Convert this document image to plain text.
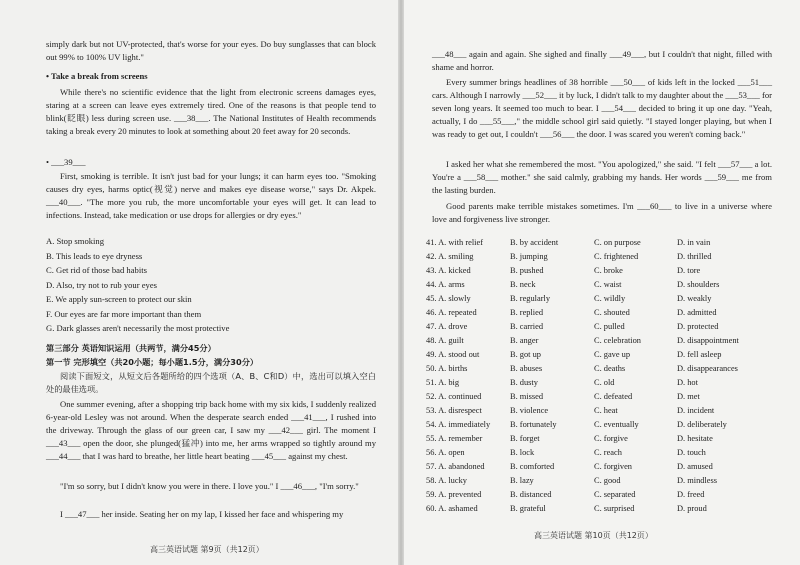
simply dark but not UV-protected, that's worse for your eyes. Do buy sunglasses that can block out 99% to 100% UV light."
• Take a break from screens
While there's no scientific evidence that the light from electronic screens damages eyes, staring at a screen can leave eyes extremely tired. One of the reasons is that people tend to blink(眨眼) less during screen use. ___38___. The National Institutes of Health recommends taking a break every 20 minutes to look at something about 20 feet away for 20 seconds.
• ___39___
First, smoking is terrible. It isn't just bad for your lungs; it can harm eyes too. "Smoking causes dry eyes, harms optic(视觉) nerve and makes eye disease worse," says Dr. Akpek. ___40___. "The more you rub, the more uncomfortable your eyes will get. It can lead to infections. Instead, take medication or use drops for allergies or dry eyes."
A. Stop smoking
B. This leads to eye dryness
C. Get rid of those bad habits
D. Also, try not to rub your eyes
E. We apply sun-screen to protect our skin
F. Our eyes are far more important than them
G. Dark glasses aren't necessarily the most protective
第三部分 英语知识运用（共两节，满分45分）
第一节 完形填空（共20小题；每小题1.5分，满分30分）
阅读下面短文，从短文后各题所给的四个选项（A、B、C和D）中，选出可以填入空白处的最佳选项。
One summer evening, after a shopping trip back home with my six kids, I suddenly realized 6-year-old Lesley was not around. When the desperate search ended ___41___, I rushed into the driveway. Through the glass of our green car, I saw my ___42___ girl. The moment I ___43___ open the door, she plunged(猛冲) into me, her arms wrapped so tightly around my ___44___ that I was hard to breathe, her little heart beating ___45___ against my chest.
"I'm so sorry, but I didn't know you were in there. I love you." I ___46___, "I'm sorry."
I ___47___ her inside. Seating her on my lap, I kissed her face and whispering my
高三英语试题 第9页（共12页）
___48___ again and again. She sighed and finally ___49___, but I couldn't that night, filled with shame and horror.
Every summer brings headlines of 38 horrible ___50___ of kids left in the locked ___51___ cars. Although I narrowly ___52___ it by luck, I didn't talk to my daughter about the ___53___ for seven long years. It seemed too much to bear. I ___54___ decided to bring it up one day. "Yeah, actually, I do ___55___," the middle school girl said quietly. "I stayed longer playing, but when I was ready to get out, I couldn't ___56___ the door. I was scared you weren't coming back."
I asked her what she remembered the most. "You apologized," she said. "I felt ___57___ a lot. You're a ___58___ mother." she said calmly, grabbing my hands. Her words ___59___ me from the lasting burden.
Good parents make terrible mistakes sometimes. I'm ___60___ to live in a universe where love and forgiveness live stronger.
41. A. with relief	B. by accident	C. on purpose	D. in vain
42. A. smiling	B. jumping	C. frightened	D. thrilled
43. A. kicked	B. pushed	C. broke	D. tore
44. A. arms	B. neck	C. waist	D. shoulders
45. A. slowly	B. regularly	C. wildly	D. weakly
46. A. repeated	B. replied	C. shouted	D. admitted
47. A. drove	B. carried	C. pulled	D. protected
48. A. guilt	B. anger	C. celebration	D. disappointment
49. A. stood out	B. got up	C. gave up	D. fell asleep
50. A. births	B. abuses	C. deaths	D. disappearances
51. A. big	B. dusty	C. old	D. hot
52. A. continued	B. missed	C. defeated	D. met
53. A. disrespect	B. violence	C. heat	D. incident
54. A. immediately	B. fortunately	C. eventually	D. deliberately
55. A. remember	B. forget	C. forgive	D. hesitate
56. A. open	B. lock	C. reach	D. touch
57. A. abandoned	B. comforted	C. forgiven	D. amused
58. A. lucky	B. lazy	C. good	D. mindless
59. A. prevented	B. distanced	C. separated	D. freed
60. A. ashamed	B. grateful	C. surprised	D. proud
高三英语试题 第10页（共12页）
